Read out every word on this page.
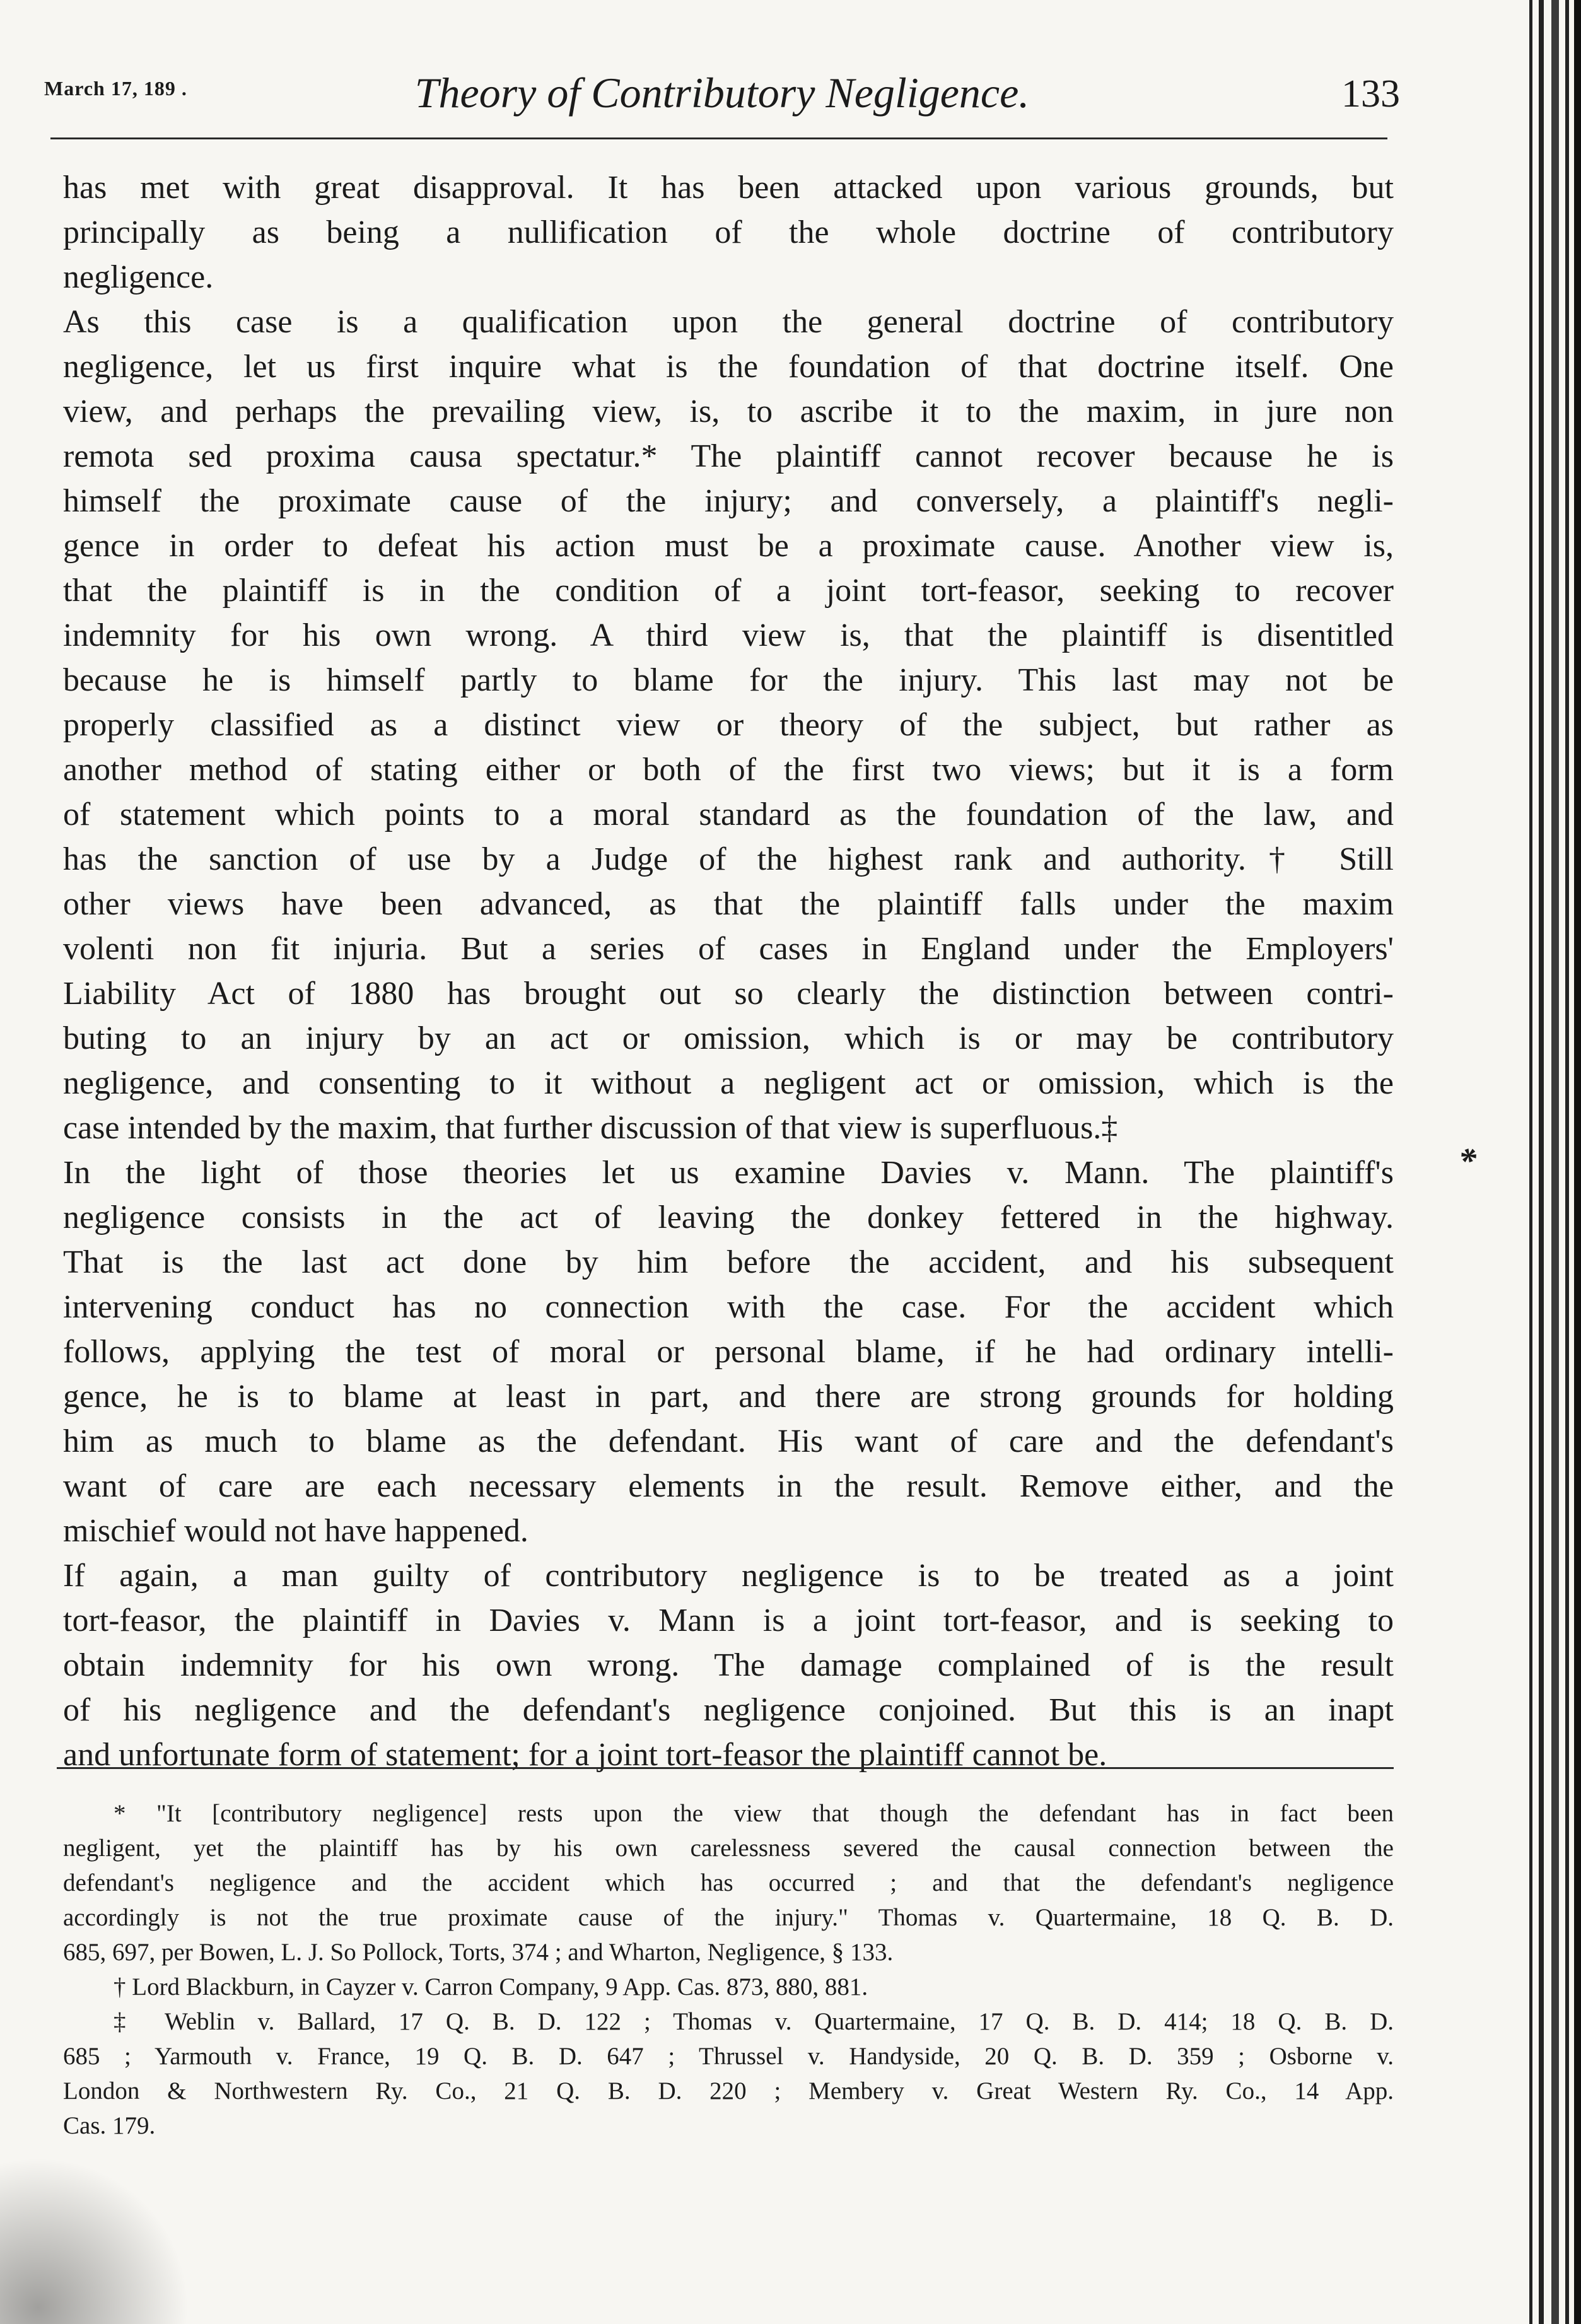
March 17, 189 .	Theory of Contributory Negligence.	133
has met with great disapproval. It has been attacked upon various grounds, but
principally as being a nullification of the whole doctrine of contributory
negligence.
As this case is a qualification upon the general doctrine of contributory
negligence, let us first inquire what is the foundation of that doctrine itself. One
view, and perhaps the prevailing view, is, to ascribe it to the maxim, in jure non
remota sed proxima causa spectatur.* The plaintiff cannot recover because he is
himself the proximate cause of the injury; and conversely, a plaintiff's negli-
gence in order to defeat his action must be a proximate cause. Another view is,
that the plaintiff is in the condition of a joint tort-feasor, seeking to recover
indemnity for his own wrong. A third view is, that the plaintiff is disentitled
because he is himself partly to blame for the injury. This last may not be
properly classified as a distinct view or theory of the subject, but rather as
another method of stating either or both of the first two views; but it is a form
of statement which points to a moral standard as the foundation of the law, and
has the sanction of use by a Judge of the highest rank and authority.† Still
other views have been advanced, as that the plaintiff falls under the maxim
volenti non fit injuria. But a series of cases in England under the Employers'
Liability Act of 1880 has brought out so clearly the distinction between contri-
buting to an injury by an act or omission, which is or may be contributory
negligence, and consenting to it without a negligent act or omission, which is the
case intended by the maxim, that further discussion of that view is superfluous.‡
In the light of those theories let us examine Davies v. Mann. The plaintiff's
negligence consists in the act of leaving the donkey fettered in the highway.
That is the last act done by him before the accident, and his subsequent
intervening conduct has no connection with the case. For the accident which
follows, applying the test of moral or personal blame, if he had ordinary intelli-
gence, he is to blame at least in part, and there are strong grounds for holding
him as much to blame as the defendant. His want of care and the defendant's
want of care are each necessary elements in the result. Remove either, and the
mischief would not have happened.
If again, a man guilty of contributory negligence is to be treated as a joint
tort-feasor, the plaintiff in Davies v. Mann is a joint tort-feasor, and is seeking to
obtain indemnity for his own wrong. The damage complained of is the result
of his negligence and the defendant's negligence conjoined. But this is an inapt
and unfortunate form of statement; for a joint tort-feasor the plaintiff cannot be.
*
* "It [contributory negligence] rests upon the view that though the defendant has in fact been
negligent, yet the plaintiff has by his own carelessness severed the causal connection between the
defendant's negligence and the accident which has occurred ; and that the defendant's negligence
accordingly is not the true proximate cause of the injury." Thomas v. Quartermaine, 18 Q. B. D.
685, 697, per Bowen, L. J. So Pollock, Torts, 374 ; and Wharton, Negligence, § 133.
† Lord Blackburn, in Cayzer v. Carron Company, 9 App. Cas. 873, 880, 881.
‡ Weblin v. Ballard, 17 Q. B. D. 122 ; Thomas v. Quartermaine, 17 Q. B. D. 414; 18 Q. B. D.
685 ; Yarmouth v. France, 19 Q. B. D. 647 ; Thrussel v. Handyside, 20 Q. B. D. 359 ; Osborne v.
London & Northwestern Ry. Co., 21 Q. B. D. 220 ; Membery v. Great Western Ry. Co., 14 App.
Cas. 179.
